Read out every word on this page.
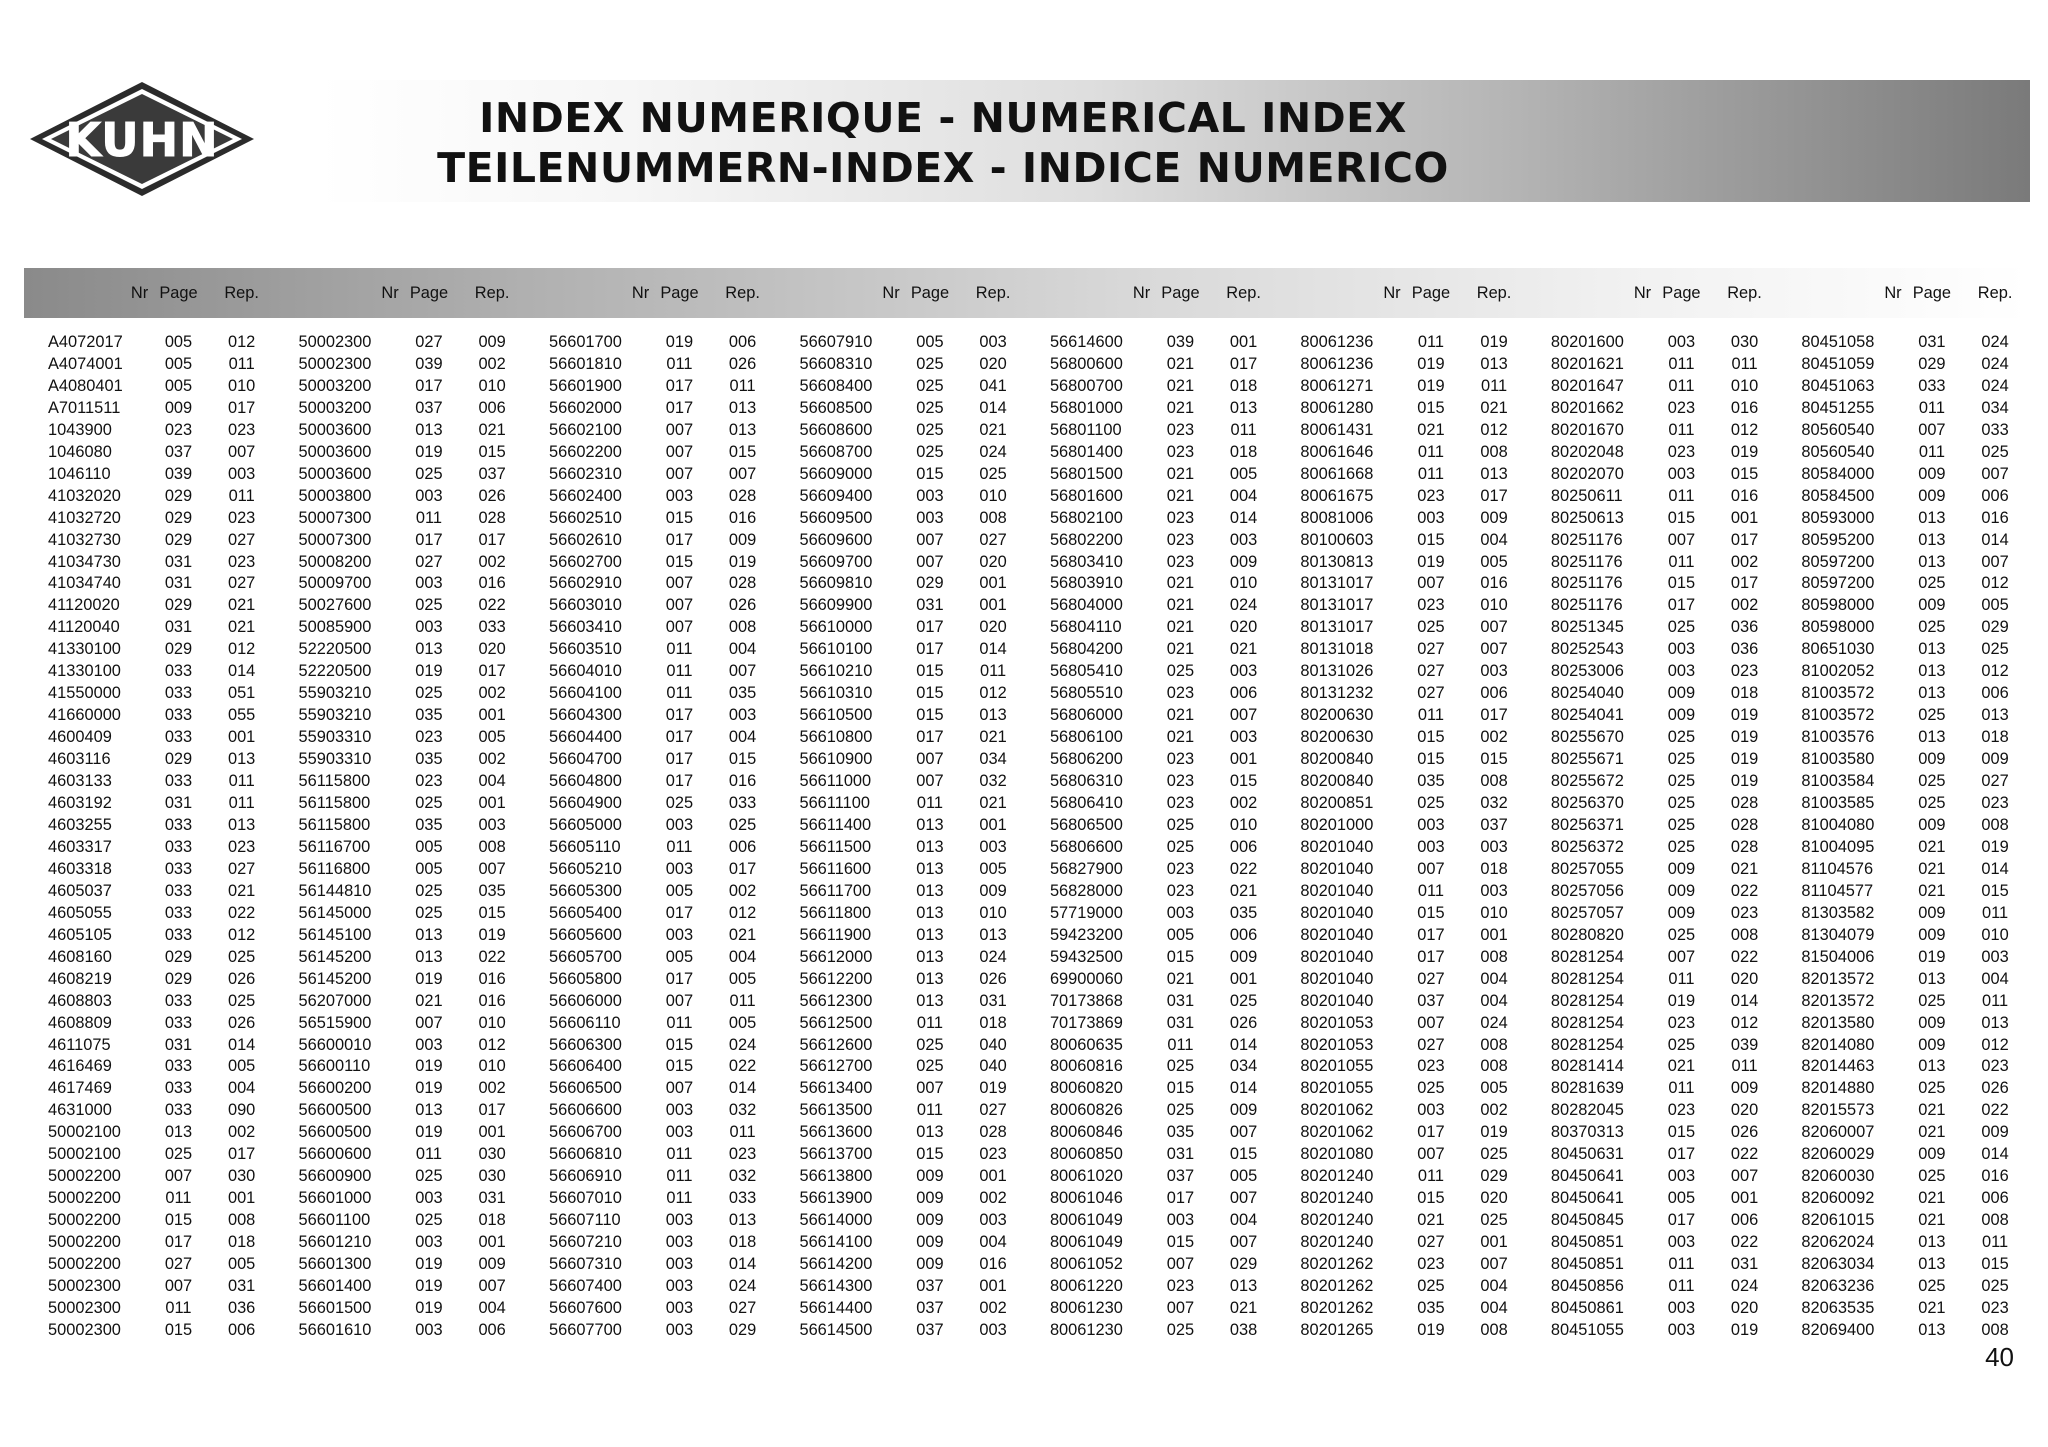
KUHN	INDEX NUMERIQUE - NUMERICAL INDEX
TEILENUMMERN-INDEX - INDICE NUMERICO
Nr	Page	Rep.	Nr	Page	Rep.	Nr	Page	Rep.	Nr	Page	Rep.	Nr	Page	Rep.	Nr	Page	Rep.	Nr	Page	Rep.	Nr	Page	Rep.
A4072017	005	012	50002300	027	009	56601700	019	006	56607910	005	003	56614600	039	001	80061236	011	019	80201600	003	030	80451058	031	024
A4074001	005	011	50002300	039	002	56601810	011	026	56608310	025	020	56800600	021	017	80061236	019	013	80201621	011	011	80451059	029	024
A4080401	005	010	50003200	017	010	56601900	017	011	56608400	025	041	56800700	021	018	80061271	019	011	80201647	011	010	80451063	033	024
A7011511	009	017	50003200	037	006	56602000	017	013	56608500	025	014	56801000	021	013	80061280	015	021	80201662	023	016	80451255	011	034
1043900	023	023	50003600	013	021	56602100	007	013	56608600	025	021	56801100	023	011	80061431	021	012	80201670	011	012	80560540	007	033
1046080	037	007	50003600	019	015	56602200	007	015	56608700	025	024	56801400	023	018	80061646	011	008	80202048	023	019	80560540	011	025
1046110	039	003	50003600	025	037	56602310	007	007	56609000	015	025	56801500	021	005	80061668	011	013	80202070	003	015	80584000	009	007
41032020	029	011	50003800	003	026	56602400	003	028	56609400	003	010	56801600	021	004	80061675	023	017	80250611	011	016	80584500	009	006
41032720	029	023	50007300	011	028	56602510	015	016	56609500	003	008	56802100	023	014	80081006	003	009	80250613	015	001	80593000	013	016
41032730	029	027	50007300	017	017	56602610	017	009	56609600	007	027	56802200	023	003	80100603	015	004	80251176	007	017	80595200	013	014
41034730	031	023	50008200	027	002	56602700	015	019	56609700	007	020	56803410	023	009	80130813	019	005	80251176	011	002	80597200	013	007
41034740	031	027	50009700	003	016	56602910	007	028	56609810	029	001	56803910	021	010	80131017	007	016	80251176	015	017	80597200	025	012
41120020	029	021	50027600	025	022	56603010	007	026	56609900	031	001	56804000	021	024	80131017	023	010	80251176	017	002	80598000	009	005
41120040	031	021	50085900	003	033	56603410	007	008	56610000	017	020	56804110	021	020	80131017	025	007	80251345	025	036	80598000	025	029
41330100	029	012	52220500	013	020	56603510	011	004	56610100	017	014	56804200	021	021	80131018	027	007	80252543	003	036	80651030	013	025
41330100	033	014	52220500	019	017	56604010	011	007	56610210	015	011	56805410	025	003	80131026	027	003	80253006	003	023	81002052	013	012
41550000	033	051	55903210	025	002	56604100	011	035	56610310	015	012	56805510	023	006	80131232	027	006	80254040	009	018	81003572	013	006
41660000	033	055	55903210	035	001	56604300	017	003	56610500	015	013	56806000	021	007	80200630	011	017	80254041	009	019	81003572	025	013
4600409	033	001	55903310	023	005	56604400	017	004	56610800	017	021	56806100	021	003	80200630	015	002	80255670	025	019	81003576	013	018
4603116	029	013	55903310	035	002	56604700	017	015	56610900	007	034	56806200	023	001	80200840	015	015	80255671	025	019	81003580	009	009
4603133	033	011	56115800	023	004	56604800	017	016	56611000	007	032	56806310	023	015	80200840	035	008	80255672	025	019	81003584	025	027
4603192	031	011	56115800	025	001	56604900	025	033	56611100	011	021	56806410	023	002	80200851	025	032	80256370	025	028	81003585	025	023
4603255	033	013	56115800	035	003	56605000	003	025	56611400	013	001	56806500	025	010	80201000	003	037	80256371	025	028	81004080	009	008
4603317	033	023	56116700	005	008	56605110	011	006	56611500	013	003	56806600	025	006	80201040	003	003	80256372	025	028	81004095	021	019
4603318	033	027	56116800	005	007	56605210	003	017	56611600	013	005	56827900	023	022	80201040	007	018	80257055	009	021	81104576	021	014
4605037	033	021	56144810	025	035	56605300	005	002	56611700	013	009	56828000	023	021	80201040	011	003	80257056	009	022	81104577	021	015
4605055	033	022	56145000	025	015	56605400	017	012	56611800	013	010	57719000	003	035	80201040	015	010	80257057	009	023	81303582	009	011
4605105	033	012	56145100	013	019	56605600	003	021	56611900	013	013	59423200	005	006	80201040	017	001	80280820	025	008	81304079	009	010
4608160	029	025	56145200	013	022	56605700	005	004	56612000	013	024	59432500	015	009	80201040	017	008	80281254	007	022	81504006	019	003
4608219	029	026	56145200	019	016	56605800	017	005	56612200	013	026	69900060	021	001	80201040	027	004	80281254	011	020	82013572	013	004
4608803	033	025	56207000	021	016	56606000	007	011	56612300	013	031	70173868	031	025	80201040	037	004	80281254	019	014	82013572	025	011
4608809	033	026	56515900	007	010	56606110	011	005	56612500	011	018	70173869	031	026	80201053	007	024	80281254	023	012	82013580	009	013
4611075	031	014	56600010	003	012	56606300	015	024	56612600	025	040	80060635	011	014	80201053	027	008	80281254	025	039	82014080	009	012
4616469	033	005	56600110	019	010	56606400	015	022	56612700	025	040	80060816	025	034	80201055	023	008	80281414	021	011	82014463	013	023
4617469	033	004	56600200	019	002	56606500	007	014	56613400	007	019	80060820	015	014	80201055	025	005	80281639	011	009	82014880	025	026
4631000	033	090	56600500	013	017	56606600	003	032	56613500	011	027	80060826	025	009	80201062	003	002	80282045	023	020	82015573	021	022
50002100	013	002	56600500	019	001	56606700	003	011	56613600	013	028	80060846	035	007	80201062	017	019	80370313	015	026	82060007	021	009
50002100	025	017	56600600	011	030	56606810	011	023	56613700	015	023	80060850	031	015	80201080	007	025	80450631	017	022	82060029	009	014
50002200	007	030	56600900	025	030	56606910	011	032	56613800	009	001	80061020	037	005	80201240	011	029	80450641	003	007	82060030	025	016
50002200	011	001	56601000	003	031	56607010	011	033	56613900	009	002	80061046	017	007	80201240	015	020	80450641	005	001	82060092	021	006
50002200	015	008	56601100	025	018	56607110	003	013	56614000	009	003	80061049	003	004	80201240	021	025	80450845	017	006	82061015	021	008
50002200	017	018	56601210	003	001	56607210	003	018	56614100	009	004	80061049	015	007	80201240	027	001	80450851	003	022	82062024	013	011
50002200	027	005	56601300	019	009	56607310	003	014	56614200	009	016	80061052	007	029	80201262	023	007	80450851	011	031	82063034	013	015
50002300	007	031	56601400	019	007	56607400	003	024	56614300	037	001	80061220	023	013	80201262	025	004	80450856	011	024	82063236	025	025
50002300	011	036	56601500	019	004	56607600	003	027	56614400	037	002	80061230	007	021	80201262	035	004	80450861	003	020	82063535	021	023
50002300	015	006	56601610	003	006	56607700	003	029	56614500	037	003	80061230	025	038	80201265	019	008	80451055	003	019	82069400	013	008
40
